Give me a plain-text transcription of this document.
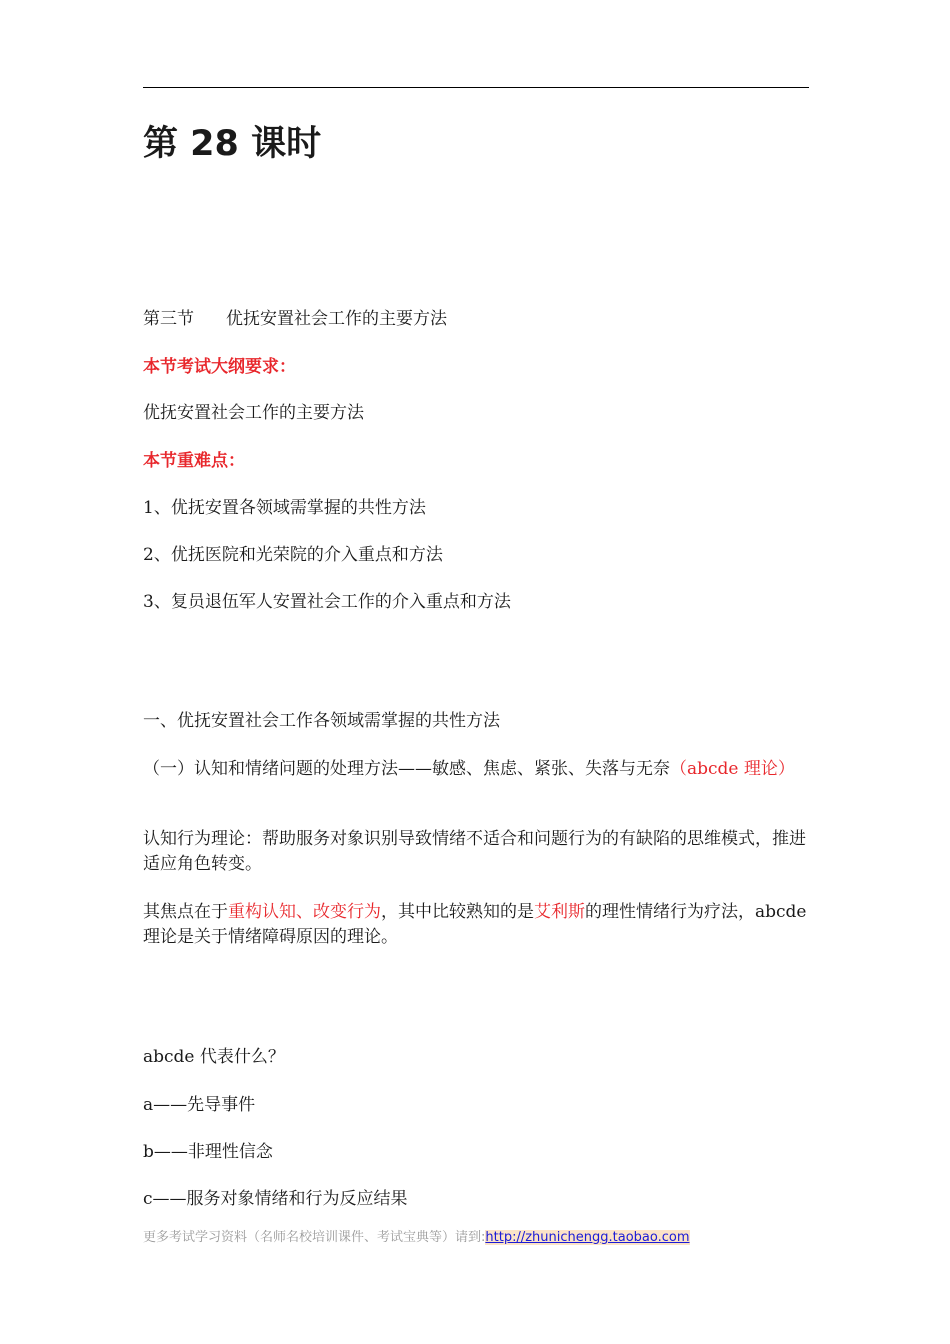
第 28 课时
第三节 优抚安置社会工作的主要方法
本节考试大纲要求：
优抚安置社会工作的主要方法
本节重难点：
1、优抚安置各领域需掌握的共性方法
2、优抚医院和光荣院的介入重点和方法
3、复员退伍军人安置社会工作的介入重点和方法
一、优抚安置社会工作各领域需掌握的共性方法
（一）认知和情绪问题的处理方法——敏感、焦虑、紧张、失落与无奈（abcde 理论）
认知行为理论：帮助服务对象识别导致情绪不适合和问题行为的有缺陷的思维模式，推进适应角色转变。
其焦点在于重构认知、改变行为，其中比较熟知的是艾利斯的理性情绪行为疗法，abcde 理论是关于情绪障碍原因的理论。
abcde 代表什么？
a——先导事件
b——非理性信念
c——服务对象情绪和行为反应结果
更多考试学习资料（名师名校培训课件、考试宝典等）请到:http://zhunichengg.taobao.com
